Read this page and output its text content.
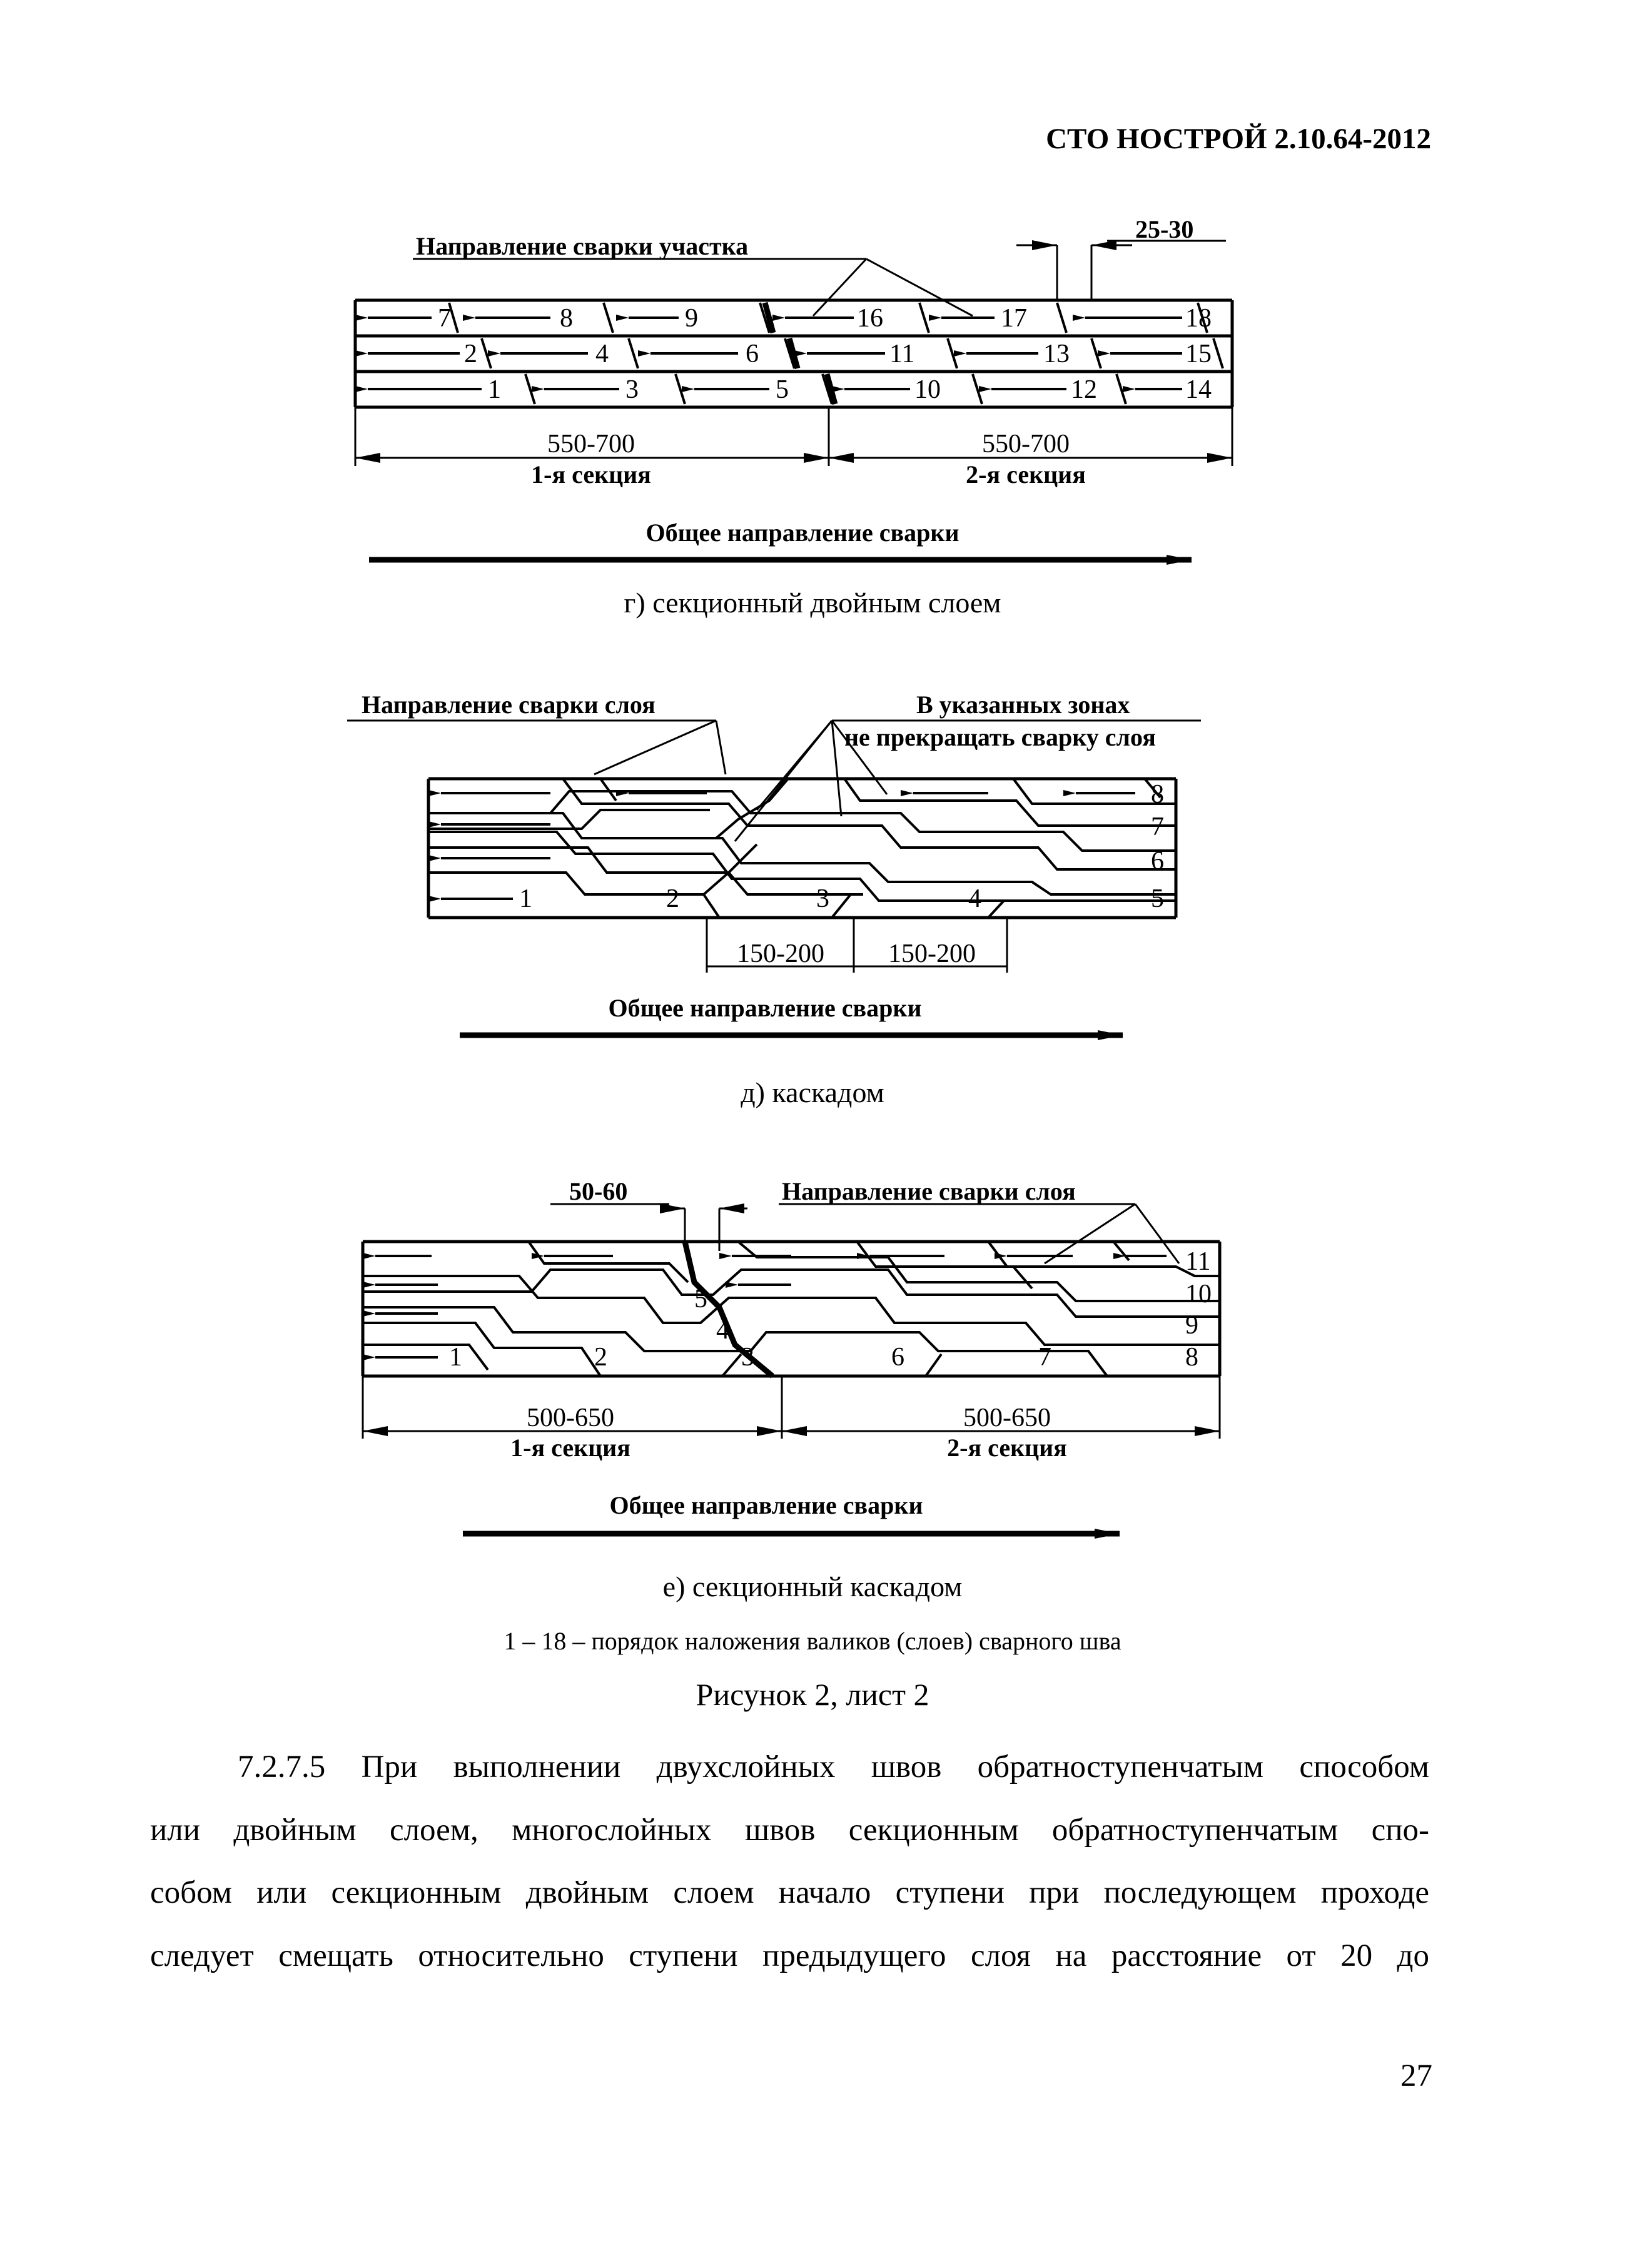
СТО НОСТРОЙ 2.10.64-2012
Направление сварки участка
25-30
7	8	9	16	17	18
2	4	6	11	13	15
1	3	5	10	12	14
550-700	550-700
1-я секция	2-я секция
Общее направление сварки
г) секционный двойным слоем
Направление сварки слоя	В указанных зонах
не прекращать сварку слоя
8
7
6
5
1	2	3	4
150-200 150-200
Общее направление сварки
д) каскадом
50-60	Направление сварки слоя
11
10
9
8
5
4
3
1	2	6	7
500-650	500-650
1-я секция	2-я секция
Общее направление сварки
е) секционный каскадом
1 – 18 – порядок наложения валиков (слоев) сварного шва
Рисунок 2, лист 2
7.2.7.5 При выполнении двухслойных швов обратноступенчатым способом
или двойным слоем, многослойных швов секционным обратноступенчатым спо-
собом или секционным двойным слоем начало ступени при последующем проходе
следует смещать относительно ступени предыдущего слоя на расстояние от 20 до
27
